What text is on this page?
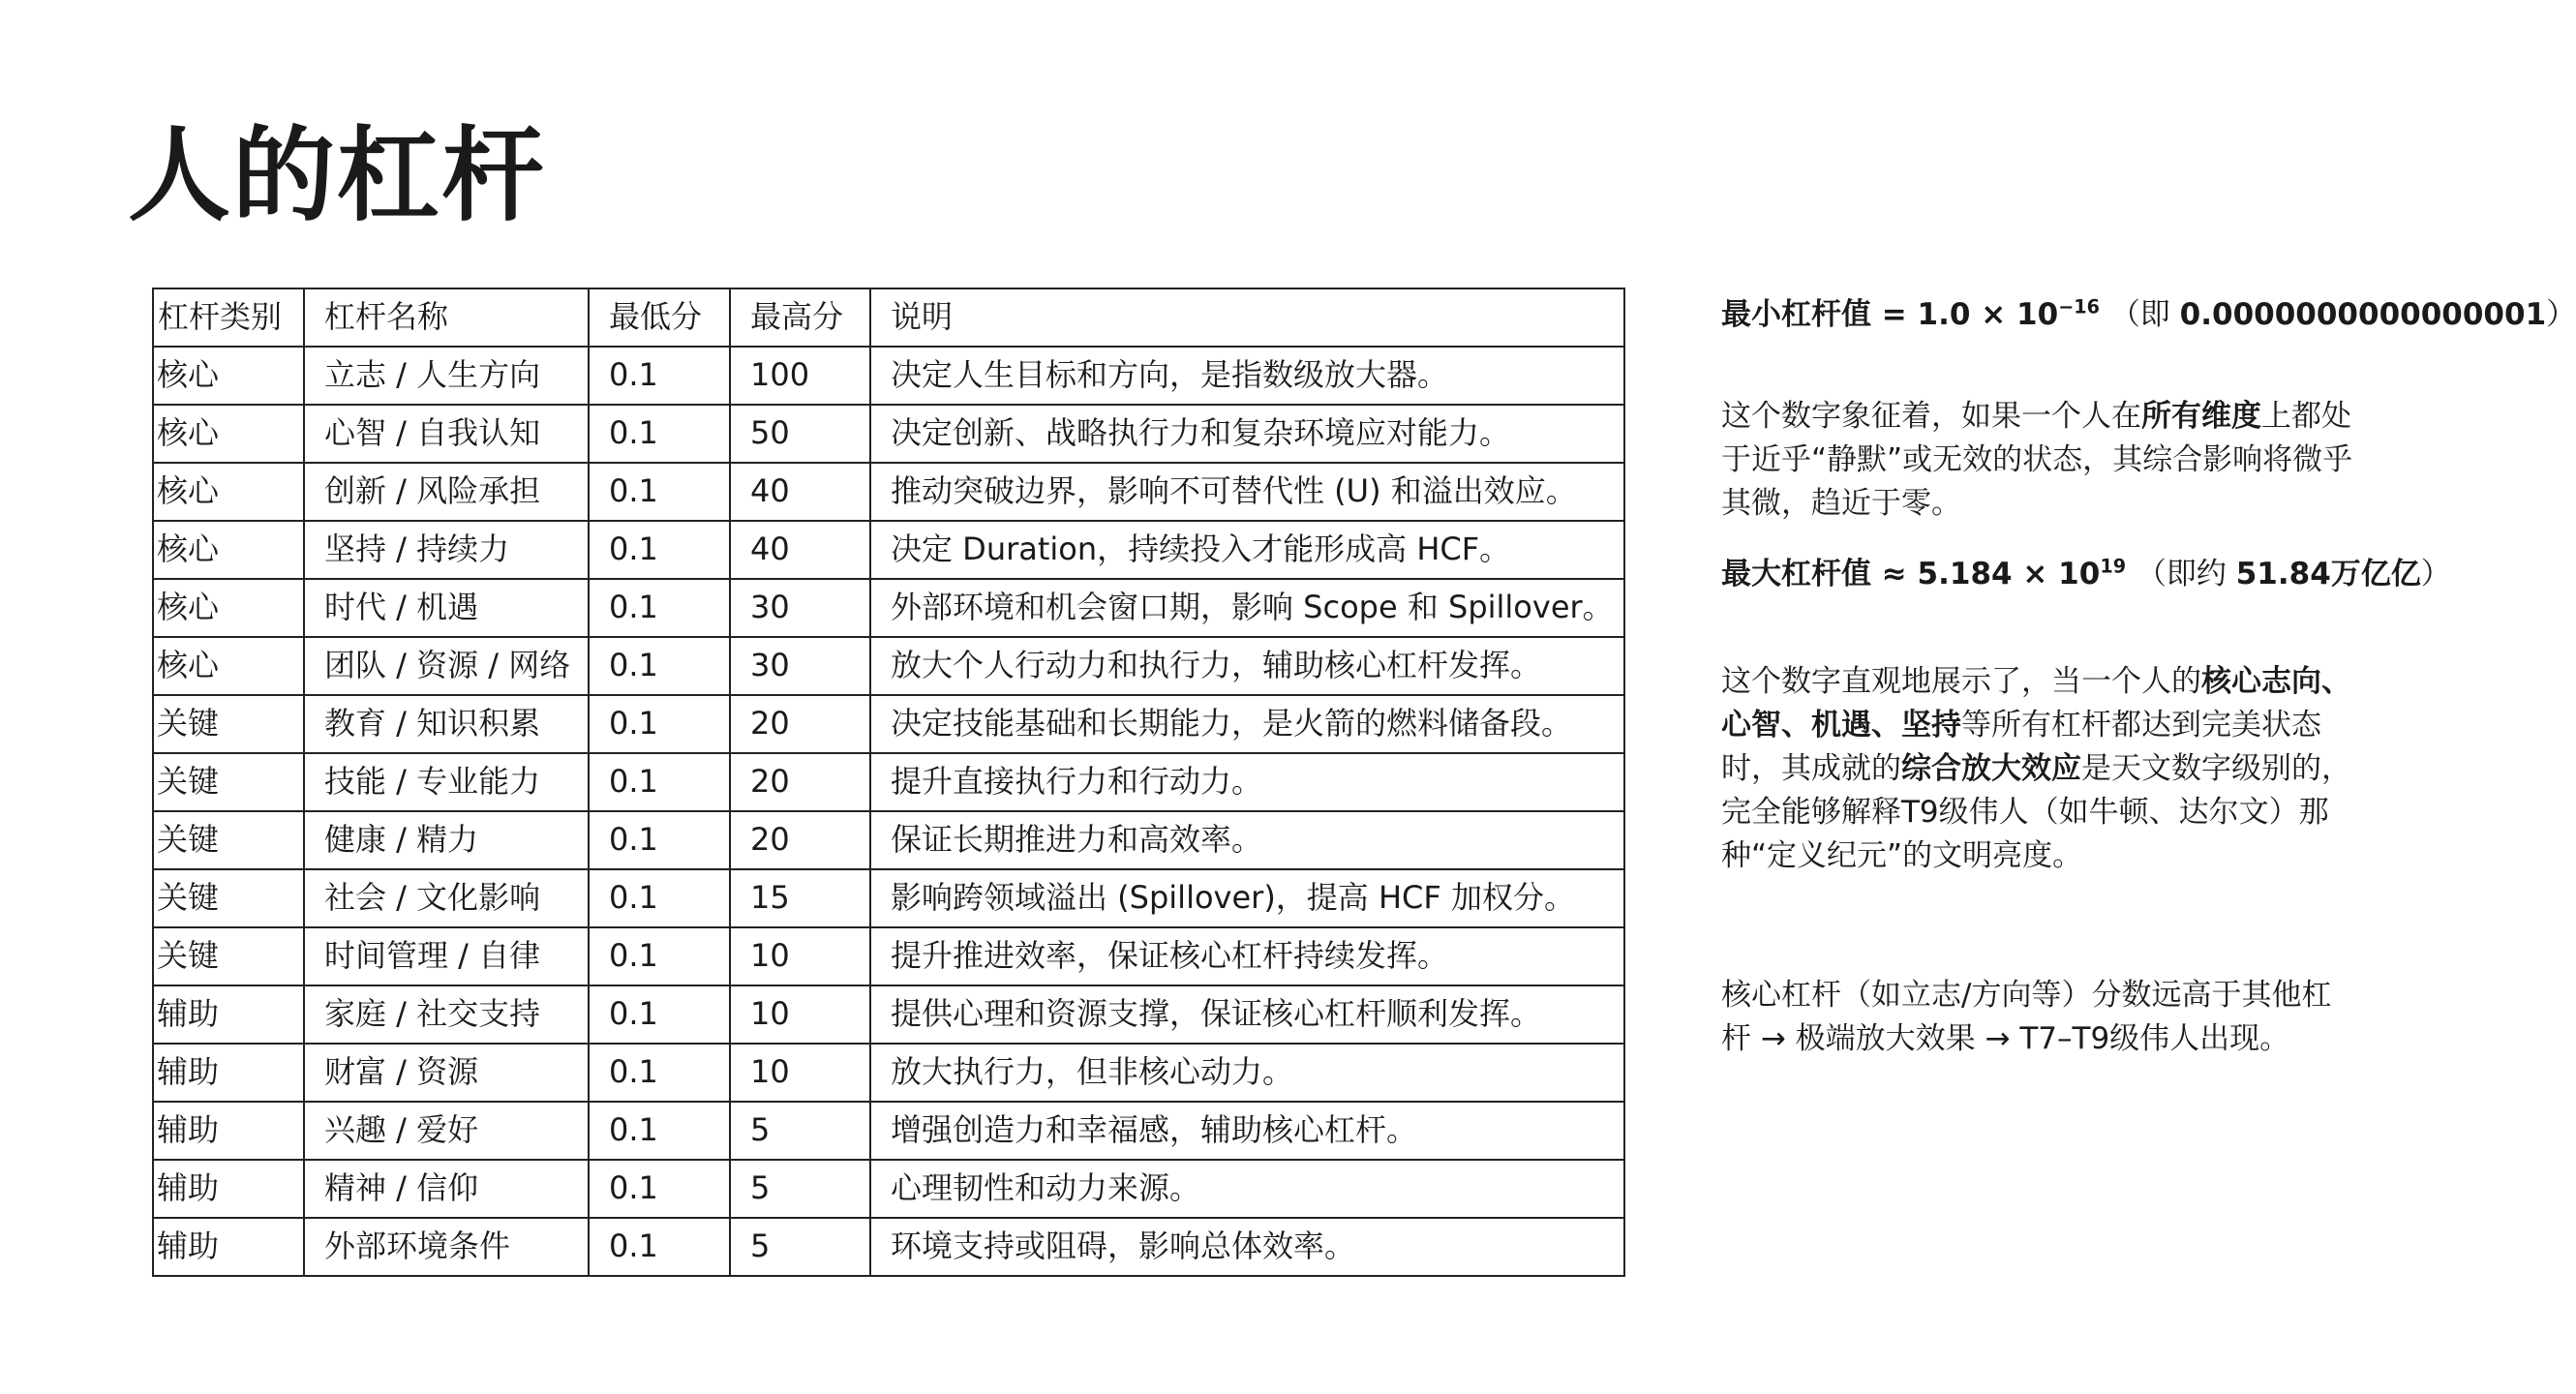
人的杠杆
杠杆类别	杠杆名称	最低分	最高分	说明
核心	立志 / 人生方向	0.1	100	决定人生目标和方向，是指数级放大器。
核心	心智 / 自我认知	0.1	50	决定创新、战略执行力和复杂环境应对能力。
核心	创新 / 风险承担	0.1	40	推动突破边界，影响不可替代性 (U) 和溢出效应。
核心	坚持 / 持续力	0.1	40	决定 Duration，持续投入才能形成高 HCF。
核心	时代 / 机遇	0.1	30	外部环境和机会窗口期，影响 Scope 和 Spillover。
核心	团队 / 资源 / 网络	0.1	30	放大个人行动力和执行力，辅助核心杠杆发挥。
关键	教育 / 知识积累	0.1	20	决定技能基础和长期能力，是火箭的燃料储备段。
关键	技能 / 专业能力	0.1	20	提升直接执行力和行动力。
关键	健康 / 精力	0.1	20	保证长期推进力和高效率。
关键	社会 / 文化影响	0.1	15	影响跨领域溢出 (Spillover)，提高 HCF 加权分。
关键	时间管理 / 自律	0.1	10	提升推进效率，保证核心杠杆持续发挥。
辅助	家庭 / 社交支持	0.1	10	提供心理和资源支撑，保证核心杠杆顺利发挥。
辅助	财富 / 资源	0.1	10	放大执行力，但非核心动力。
辅助	兴趣 / 爱好	0.1	5	增强创造力和幸福感，辅助核心杠杆。
辅助	精神 / 信仰	0.1	5	心理韧性和动力来源。
辅助	外部环境条件	0.1	5	环境支持或阻碍，影响总体效率。
最小杠杆值 = $1.0 \times 10^{-16}$ （即 0.0000000000000001）

这个数字象征着，如果一个人在所有维度上都处于近乎“静默”或无效的状态，其综合影响将微乎其微，趋近于零。

最大杠杆值 ≈ $5.184 \times 10^{19}$ （即约 51.84万亿亿）

这个数字直观地展示了，当一个人的核心志向、心智、机遇、坚持等所有杠杆都达到完美状态时，其成就的综合放大效应是天文数字级别的，完全能够解释T9级伟人（如牛顿、达尔文）那种“定义纪元”的文明亮度。

核心杠杆（如立志/方向等）分数远高于其他杠杆 → 极端放大效果 → T7–T9级伟人出现。
